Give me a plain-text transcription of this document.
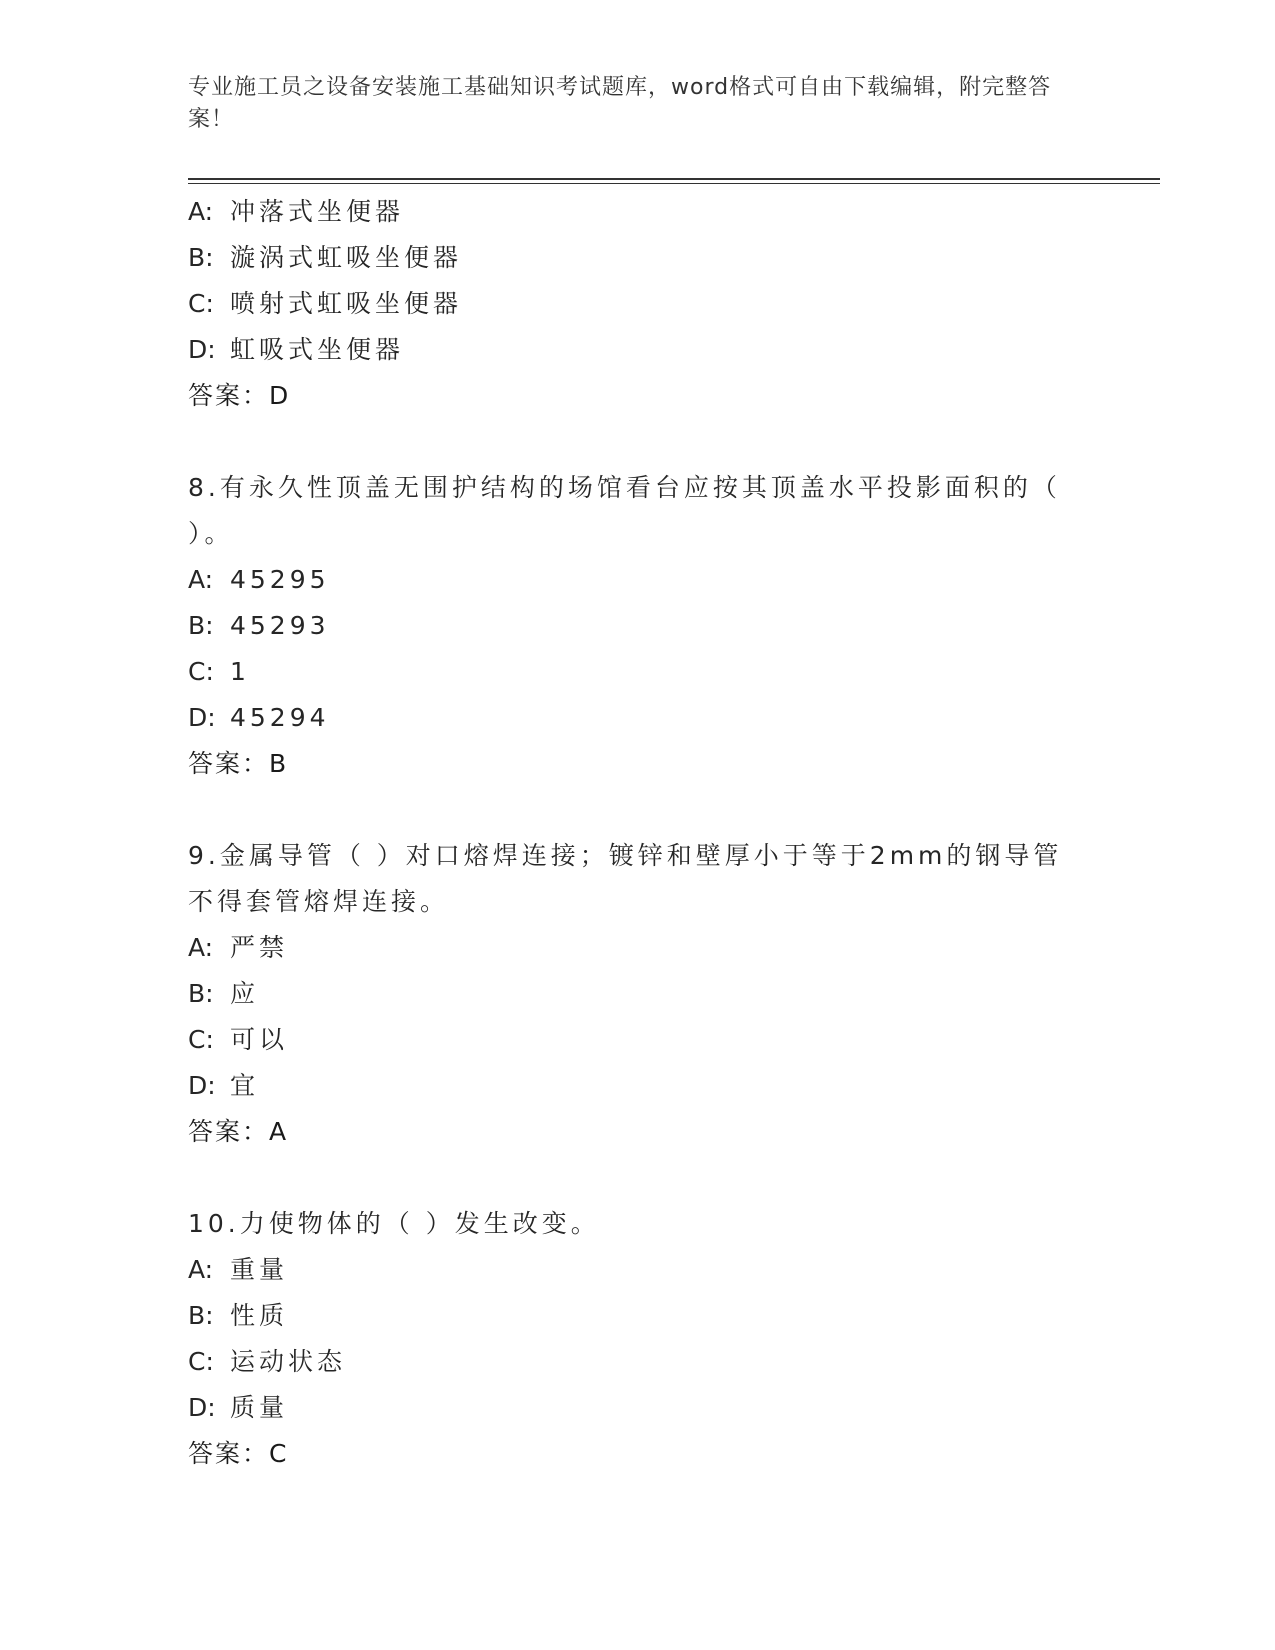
专业施工员之设备安装施工基础知识考试题库，word格式可自由下载编辑，附完整答案！
A: 冲落式坐便器
B: 漩涡式虹吸坐便器
C: 喷射式虹吸坐便器
D: 虹吸式坐便器
答案：D
8.有永久性顶盖无围护结构的场馆看台应按其顶盖水平投影面积的（ ）。
A: 45295
B: 45293
C: 1
D: 45294
答案：B
9.金属导管（ ）对口熔焊连接；镀锌和壁厚小于等于2mm的钢导管不得套管熔焊连接。
A: 严禁
B: 应
C: 可以
D: 宜
答案：A
10.力使物体的（ ）发生改变。
A: 重量
B: 性质
C: 运动状态
D: 质量
答案：C
